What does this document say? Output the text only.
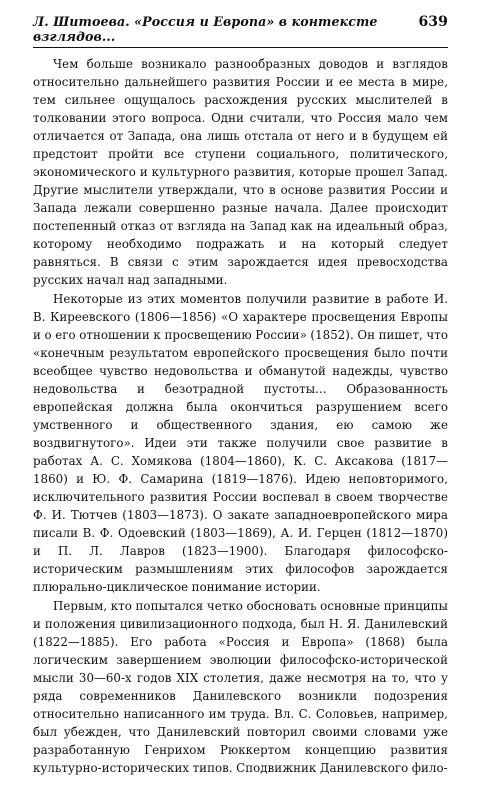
Л. Шитоева. «Россия и Европа» в контексте взглядов...
639

Чем больше возникало разнообразных доводов и взглядов относительно дальнейшего развития России и ее места в мире, тем сильнее ощущалось расхождения русских мыслителей в толковании этого вопроса. Одни считали, что Россия мало чем отличается от Запада, она лишь отстала от него и в будущем ей предстоит пройти все ступени социального, политического, экономического и культурного развития, которые прошел Запад. Другие мыслители утверждали, что в основе развития России и Запада лежали совершенно разные начала. Далее происходит постепенный отказ от взгляда на Запад как на идеальный образ, которому необходимо подражать и на который следует равняться. В связи с этим зарождается идея превосходства русских начал над западными.

Некоторые из этих моментов получили развитие в работе И. В. Киреевского (1806—1856) «О характере просвещения Европы и о его отношении к просвещению России» (1852). Он пишет, что «конечным результатом европейского просвещения было почти всеобщее чувство недовольства и обманутой надежды, чувство недовольства и безотрадной пустоты... Образованность европейская должна была окончиться разрушением всего умственного и общественного здания, ею самою же воздвигнутого». Идеи эти также получили свое развитие в работах А. С. Хомякова (1804—1860), К. С. Аксакова (1817—1860) и Ю. Ф. Самарина (1819—1876). Идею неповторимого, исключительного развития России воспевал в своем творчестве Ф. И. Тютчев (1803—1873). О закате западноевропейского мира писали В. Ф. Одоевский (1803—1869), А. И. Герцен (1812—1870) и П. Л. Лавров (1823—1900). Благодаря философско-историческим размышлениям этих философов зарождается плюрально-циклическое понимание истории.

Первым, кто попытался четко обосновать основные принципы и положения цивилизационного подхода, был Н. Я. Данилевский (1822—1885). Его работа «Россия и Европа» (1868) была логическим завершением эволюции философско-исторической мысли 30—60-х годов XIX столетия, даже несмотря на то, что у ряда современников Данилевского возникли подозрения относительно написанного им труда. Вл. С. Соловьев, например, был убежден, что Данилевский повторил своими словами уже разработанную Генрихом Рюккертом концепцию развития культурно-исторических типов. Сподвижник Данилевского фило-
